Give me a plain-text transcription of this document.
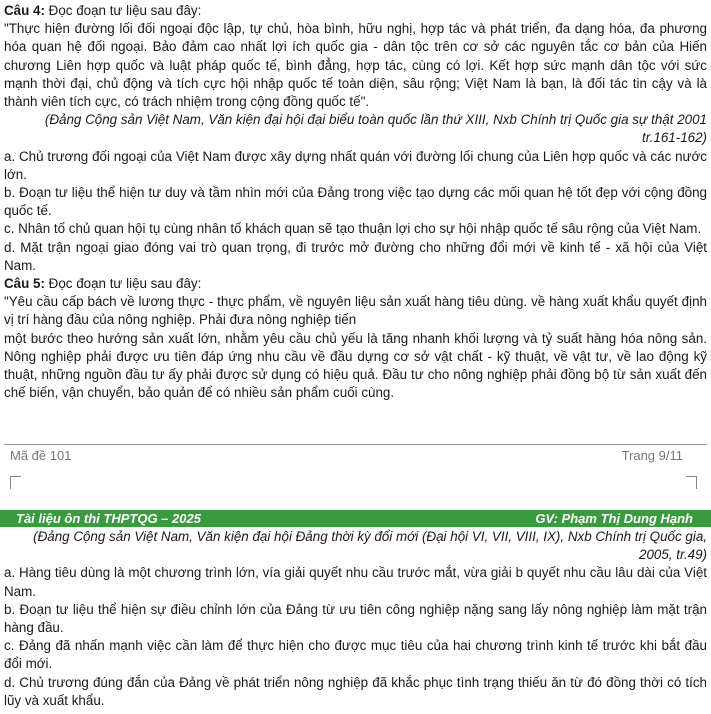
Câu 4: Đọc đoạn tư liệu sau đây:

"Thực hiện đường lối đối ngoại độc lập, tự chủ, hòa bình, hữu nghị, hợp tác và phát triển, đa dạng hóa, đa phương hóa quan hệ đối ngoại. Bảo đảm cao nhất lợi ích quốc gia - dân tộc trên cơ sở các nguyên tắc cơ bản của Hiến chương Liên hợp quốc và luật pháp quốc tế, bình đẳng, hợp tác, cùng có lợi. Kết hợp sức mạnh dân tộc với sức mạnh thời đại, chủ động và tích cực hội nhập quốc tế toàn diện, sâu rộng; Việt Nam là bạn, là đối tác tin cậy và là thành viên tích cực, có trách nhiệm trong cộng đồng quốc tế".

(Đảng Cộng sản Việt Nam, Văn kiện đại hội đại biểu toàn quốc lần thứ XIII, Nxb Chính trị Quốc gia sự thật 2001 tr.161-162)

a. Chủ trương đối ngoại của Việt Nam được xây dựng nhất quán với đường lối chung của Liên hợp quốc và các nước lớn.

b. Đoạn tư liệu thể hiện tư duy và tầm nhìn mới của Đảng trong việc tạo dựng các mối quan hệ tốt đẹp với cộng đồng quốc tế.

c. Nhân tố chủ quan hội tụ cùng nhân tố khách quan sẽ tạo thuận lợi cho sự hội nhập quốc tế sâu rộng của Việt Nam.

d. Mặt trận ngoại giao đóng vai trò quan trọng, đi trước mở đường cho những đổi mới về kinh tế - xã hội của Việt Nam.

Câu 5: Đọc đoạn tư liệu sau đây:

"Yêu cầu cấp bách về lương thực - thực phẩm, về nguyên liệu sản xuất hàng tiêu dùng. về hàng xuất khẩu quyết định vị trí hàng đầu của nông nghiệp. Phải đưa nông nghiệp tiến

một bước theo hướng sản xuất lớn, nhằm yêu cầu chủ yếu là tăng nhanh khối lượng và tỷ suất hàng hóa nông sản. Nông nghiệp phải được ưu tiên đáp ứng nhu cầu về đầu dựng cơ sở vật chất - kỹ thuật, về vật tư, về lao động kỹ thuật, những nguồn đầu tư ấy phải được sử dụng có hiệu quả. Đầu tư cho nông nghiệp phải đồng bộ từ sản xuất đến chế biến, vận chuyển, bảo quản để có nhiều sản phẩm cuối cùng.

Mã đề 101	Trang 9/11
Tài liệu ôn thi THPTQG – 2025	GV: Phạm Thị Dung Hạnh

(Đảng Cộng sản Việt Nam, Văn kiện đại hội Đảng thời kỳ đổi mới (Đại hội VI, VII, VIII, IX), Nxb Chính trị Quốc gia, 2005, tr.49)

a. Hàng tiêu dùng là một chương trình lớn, vía giải quyết nhu cầu trước mắt, vừa giải b quyết nhu cầu lâu dài của Việt Nam.

b. Đoạn tư liệu thể hiện sự điều chỉnh lớn của Đảng từ ưu tiên công nghiệp nặng sang lấy nông nghiệp làm mặt trận hàng đầu.

c. Đảng đã nhấn mạnh việc cần làm để thực hiện cho được mục tiêu của hai chương trình kinh tế trước khi bắt đầu đổi mới.

d. Chủ trương đúng đắn của Đảng về phát triển nông nghiệp đã khắc phục tình trạng thiếu ăn từ đó đồng thời có tích lũy và xuất khẩu.
